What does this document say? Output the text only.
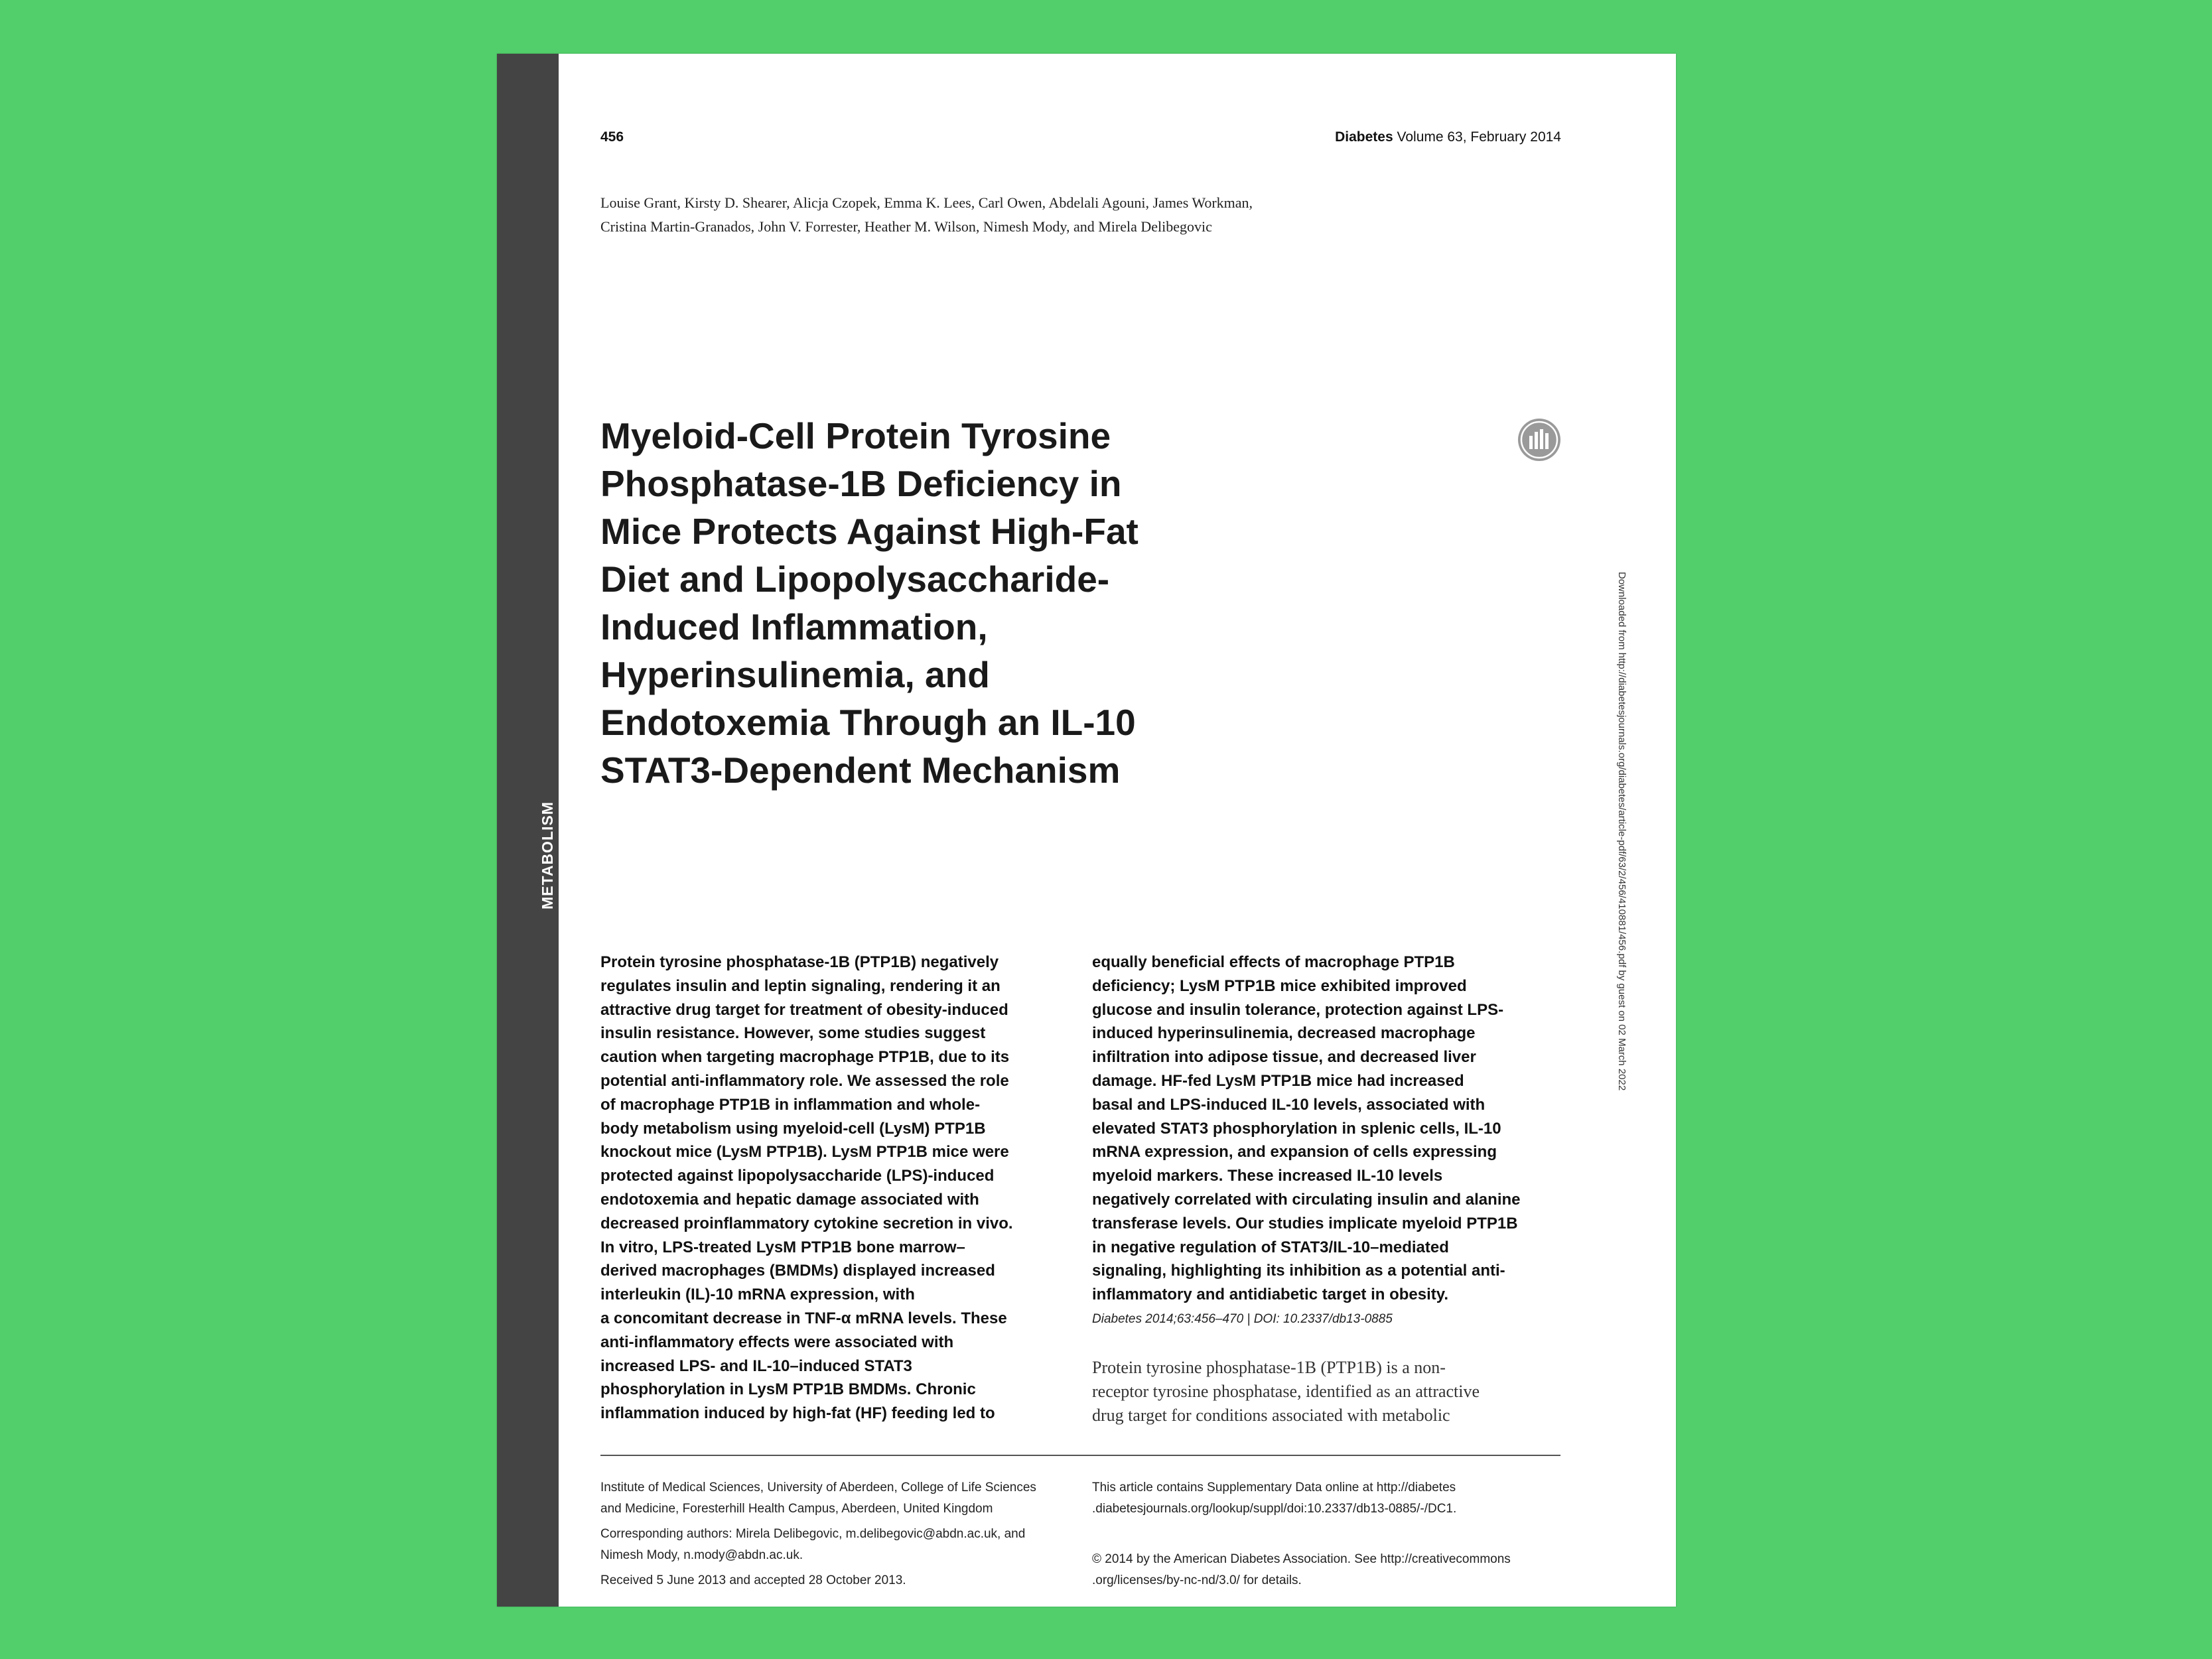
METABOLISM
456	Diabetes Volume 63, February 2014
Louise Grant, Kirsty D. Shearer, Alicja Czopek, Emma K. Lees, Carl Owen, Abdelali Agouni, James Workman,
Cristina Martin-Granados, John V. Forrester, Heather M. Wilson, Nimesh Mody, and Mirela Delibegovic
Myeloid-Cell Protein Tyrosine
Phosphatase-1B Deficiency in
Mice Protects Against High-Fat
Diet and Lipopolysaccharide-
Induced Inflammation,
Hyperinsulinemia, and
Endotoxemia Through an IL-10
STAT3-Dependent Mechanism	Downloaded from http://diabetesjournals.org/diabetes/article-pdf/63/2/456/410881/456.pdf by guest on 02 March 2022
Protein tyrosine phosphatase-1B (PTP1B) negatively
regulates insulin and leptin signaling, rendering it an
attractive drug target for treatment of obesity-induced
insulin resistance. However, some studies suggest
caution when targeting macrophage PTP1B, due to its
potential anti-inflammatory role. We assessed the role
of macrophage PTP1B in inflammation and whole-
body metabolism using myeloid-cell (LysM) PTP1B
knockout mice (LysM PTP1B). LysM PTP1B mice were
protected against lipopolysaccharide (LPS)-induced
endotoxemia and hepatic damage associated with
decreased proinflammatory cytokine secretion in vivo.
In vitro, LPS-treated LysM PTP1B bone marrow–
derived macrophages (BMDMs) displayed increased
interleukin (IL)-10 mRNA expression, with
a concomitant decrease in TNF-α mRNA levels. These
anti-inflammatory effects were associated with
increased LPS- and IL-10–induced STAT3
phosphorylation in LysM PTP1B BMDMs. Chronic
inflammation induced by high-fat (HF) feeding led to
equally beneficial effects of macrophage PTP1B
deficiency; LysM PTP1B mice exhibited improved
glucose and insulin tolerance, protection against LPS-
induced hyperinsulinemia, decreased macrophage
infiltration into adipose tissue, and decreased liver
damage. HF-fed LysM PTP1B mice had increased
basal and LPS-induced IL-10 levels, associated with
elevated STAT3 phosphorylation in splenic cells, IL-10
mRNA expression, and expansion of cells expressing
myeloid markers. These increased IL-10 levels
negatively correlated with circulating insulin and alanine
transferase levels. Our studies implicate myeloid PTP1B
in negative regulation of STAT3/IL-10–mediated
signaling, highlighting its inhibition as a potential anti-
inflammatory and antidiabetic target in obesity.
Diabetes 2014;63:456–470 | DOI: 10.2337/db13-0885
Protein tyrosine phosphatase-1B (PTP1B) is a non-
receptor tyrosine phosphatase, identified as an attractive
drug target for conditions associated with metabolic
Institute of Medical Sciences, University of Aberdeen, College of Life Sciences
and Medicine, Foresterhill Health Campus, Aberdeen, United Kingdom
Corresponding authors: Mirela Delibegovic, m.delibegovic@abdn.ac.uk, and
Nimesh Mody, n.mody@abdn.ac.uk.
Received 5 June 2013 and accepted 28 October 2013.
This article contains Supplementary Data online at http://diabetes
.diabetesjournals.org/lookup/suppl/doi:10.2337/db13-0885/-/DC1.
© 2014 by the American Diabetes Association. See http://creativecommons
.org/licenses/by-nc-nd/3.0/ for details.
